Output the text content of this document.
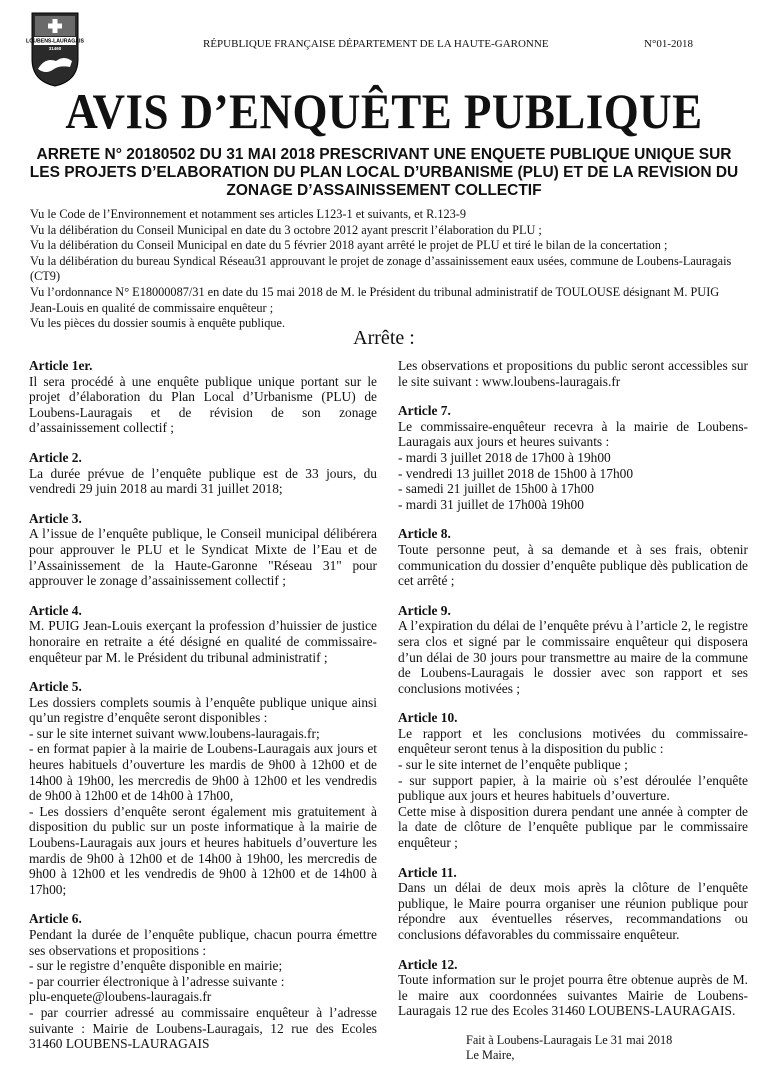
LOUBENS-LAURAGAIS
31460	RÉPUBLIQUE FRANÇAISE DÉPARTEMENT DE LA HAUTE-GARONNE	N°01-2018
AVIS D’ENQUÊTE PUBLIQUE
ARRETE N° 20180502 DU 31 MAI 2018 PRESCRIVANT UNE ENQUETE PUBLIQUE UNIQUE SUR LES PROJETS D’ELABORATION DU PLAN LOCAL D’URBANISME (PLU) ET DE LA REVISION DU ZONAGE D’ASSAINISSEMENT COLLECTIF
Vu le Code de l’Environnement et notamment ses articles L123-1 et suivants, et R.123-9
Vu la délibération du Conseil Municipal en date du 3 octobre 2012 ayant prescrit l’élaboration du PLU ;
Vu la délibération du Conseil Municipal en date du 5 février 2018 ayant arrêté le projet de PLU et tiré le bilan de la concertation ;
Vu la délibération du bureau Syndical Réseau31 approuvant le projet de zonage d’assainissement eaux usées, commune de Loubens-Lauragais (CT9)
Vu l’ordonnance N° E18000087/31 en date du 15 mai 2018 de M. le Président du tribunal administratif de TOULOUSE désignant M. PUIG Jean-Louis en qualité de commissaire enquêteur ;
Vu les pièces du dossier soumis à enquête publique.
Arrête :
Article 1er.

Il sera procédé à une enquête publique unique portant sur le projet d’élaboration du Plan Local d’Urbanisme (PLU) de Loubens-Lauragais et de révision de son zonage d’assainissement collectif ;

Article 2.

La durée prévue de l’enquête publique est de 33 jours, du vendredi 29 juin 2018 au mardi 31 juillet 2018;

Article 3.

A l’issue de l’enquête publique, le Conseil municipal délibérera pour approuver le PLU et le Syndicat Mixte de l’Eau et de l’Assainissement de la Haute-Garonne "Réseau 31" pour approuver le zonage d’assainissement collectif ;

Article 4.

M. PUIG Jean-Louis exerçant la profession d’huissier de justice honoraire en retraite a été désigné en qualité de commissaire-enquêteur par M. le Président du tribunal administratif ;

Article 5.

Les dossiers complets soumis à l’enquête publique unique ainsi qu’un registre d’enquête seront disponibles :
- sur le site internet suivant www.loubens-lauragais.fr;
- en format papier à la mairie de Loubens-Lauragais aux jours et heures habituels d’ouverture les mardis de 9h00 à 12h00 et de 14h00 à 19h00, les mercredis de 9h00 à 12h00 et les vendredis de 9h00 à 12h00 et de 14h00 à 17h00,
- Les dossiers d’enquête seront également mis gratuitement à disposition du public sur un poste informatique à la mairie de Loubens-Lauragais aux jours et heures habituels d’ouverture les mardis de 9h00 à 12h00 et de 14h00 à 19h00, les mercredis de 9h00 à 12h00 et les vendredis de 9h00 à 12h00 et de 14h00 à 17h00;

Article 6.

Pendant la durée de l’enquête publique, chacun pourra émettre ses observations et propositions :
- sur le registre d’enquête disponible en mairie;
- par courrier électronique à l’adresse suivante :
plu-enquete@loubens-lauragais.fr
- par courrier adressé au commissaire enquêteur à l’adresse suivante : Mairie de Loubens-Lauragais, 12 rue des Ecoles 31460 LOUBENS-LAURAGAIS

Les observations et propositions du public seront accessibles sur le site suivant : www.loubens-lauragais.fr

Article 7.

Le commissaire-enquêteur recevra à la mairie de Loubens-Lauragais aux jours et heures suivants :
- mardi 3 juillet 2018 de 17h00 à 19h00
- vendredi 13 juillet 2018 de 15h00 à 17h00
- samedi 21 juillet de 15h00 à 17h00
- mardi 31 juillet de 17h00à 19h00

Article 8.

Toute personne peut, à sa demande et à ses frais, obtenir communication du dossier d’enquête publique dès publication de cet arrêté ;

Article 9.

A l’expiration du délai de l’enquête prévu à l’article 2, le registre sera clos et signé par le commissaire enquêteur qui disposera d’un délai de 30 jours pour transmettre au maire de la commune de Loubens-Lauragais le dossier avec son rapport et ses conclusions motivées ;

Article 10.

Le rapport et les conclusions motivées du commissaire-enquêteur seront tenus à la disposition du public :
- sur le site internet de l’enquête publique ;
- sur support papier, à la mairie où s’est déroulée l’enquête publique aux jours et heures habituels d’ouverture.
Cette mise à disposition durera pendant une année à compter de la date de clôture de l’enquête publique par le commissaire enquêteur ;

Article 11.

Dans un délai de deux mois après la clôture de l’enquête publique, le Maire pourra organiser une réunion publique pour répondre aux éventuelles réserves, recommandations ou conclusions défavorables du commissaire enquêteur.

Article 12.

Toute information sur le projet pourra être obtenue auprès de M. le maire aux coordonnées suivantes Mairie de Loubens-Lauragais 12 rue des Ecoles 31460 LOUBENS-LAURAGAIS.

Fait à Loubens-Lauragais Le 31 mai 2018
Le Maire,
